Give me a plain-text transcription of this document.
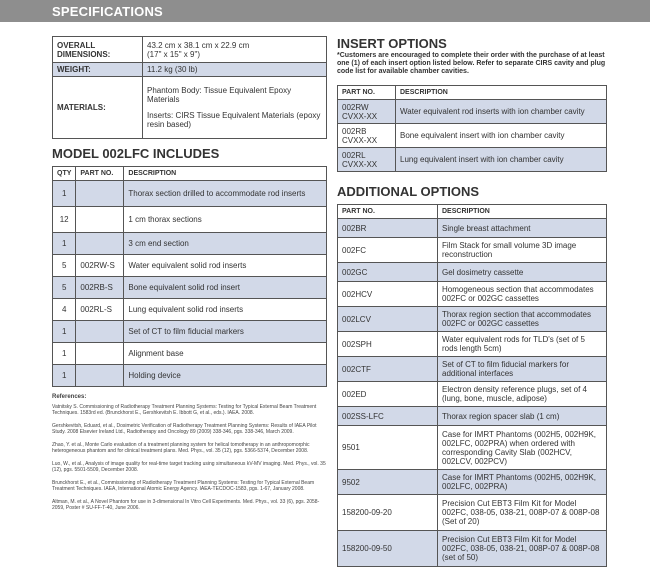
SPECIFICATIONS
OVERALL DIMENSIONS:	43.2 cm x 38.1 cm x 22.9 cm
(17" x 15" x 9")

WEIGHT:	11.2 kg (30 lb)
MATERIALS:	Phantom Body: Tissue Equivalent Epoxy Materials
Inserts: CIRS Tissue Equivalent Materials (epoxy resin based)
MODEL 002LFC INCLUDES
QTY	PART NO.	DESCRIPTION
1		Thorax section drilled to accommodate rod inserts
12		1 cm thorax sections
1		3 cm end section
5	002RW-S	Water equivalent solid rod inserts
5	002RB-S	Bone equivalent solid rod insert
4	002RL-S	Lung equivalent solid rod inserts
1		Set of CT to film fiducial markers
1		Alignment base
1		Holding device
References:

Vatnitsky S. Commissioning of Radiotherapy Treatment Planning Systems: Testing for Typical External Beam Treatment Techniques. 1583rd ed. (Brunckhorst E., Gershkevitsh E. Ibbott G, et al., eds.). IAEA. 2008.

Gershkevitsh, Eduard, et al., Dosimetric Verification of Radiotherapy Treatment Planning Systems: Results of IAEA Pilot Study. 2008 Elsevier Ireland Ltd., Radiotherapy and Oncology 89 (2009) 338-346, pgs. 338-346, March 2009.

Zhao, Y. et al., Monte Carlo evaluation of a treatment planning system for helical tomotherapy in an anthropomorphic heterogeneous phantom and for clinical treatment plans. Med. Phys., vol. 35 (12), pgs. 5366-5374, December 2008.

Luo, W., et al., Analysis of image quality for real-time target tracking using simultaneous kV-MV imaging. Med. Phys., vol. 35 (12), pgs. 5501-5509, December 2008.

Brunckhorst E., et al., Commissioning of Radiotherapy Treatment Planning Systems: Testing for Typical External Beam Treatment Techniques. IAEA, International Atomic Energy Agency. IAEA-TECDOC-1583, pgs. 1-67, January 2008.

Altman, M. et al., A Novel Phantom for use in 3-dimensional In Vitro Cell Experiments. Med. Phys., vol. 33 (6), pgs. 2058-2059, Poster # SU-FF-T-40, June 2006.

INSERT OPTIONS
*Customers are encouraged to complete their order with the purchase of at least one (1) of each insert option listed below. Refer to separate CIRS cavity and plug code list for available chamber cavities.
PART NO.	DESCRIPTION

002RW
CVXX-XX	Water equivalent rod inserts with ion chamber cavity

002RB
CVXX-XX	Bone equivalent insert with ion chamber cavity

002RL
CVXX-XX	Lung equivalent insert with ion chamber cavity
ADDITIONAL OPTIONS
PART NO.	DESCRIPTION
002BR	Single breast attachment
002FC	Film Stack for small volume 3D image reconstruction
002GC	Gel dosimetry cassette
002HCV	Homogeneous section that accommodates 002FC or 002GC cassettes
002LCV	Thorax region section that accommodates 002FC or 002GC cassettes
002SPH	Water equivalent rods for TLD's (set of 5 rods length 5cm)
002CTF	Set of CT to film fiducial markers for additional interfaces
002ED	Electron density reference plugs, set of 4 (lung, bone, muscle, adipose)
002SS-LFC	Thorax region spacer slab (1 cm)
9501	Case for IMRT Phantoms (002H5, 002H9K, 002LFC, 002PRA) when ordered with corresponding Cavity Slab (002HCV, 002LCV, 002PCV)
9502	Case for IMRT Phantoms (002H5, 002H9K, 002LFC, 002PRA)
158200-09-20	Precision Cut EBT3 Film Kit for Model 002FC, 038-05, 038-21, 008P-07 & 008P-08 (Set of 20)
158200-09-50	Precision Cut EBT3 Film Kit for Model 002FC, 038-05, 038-21, 008P-07 & 008P-08 (set of 50)
